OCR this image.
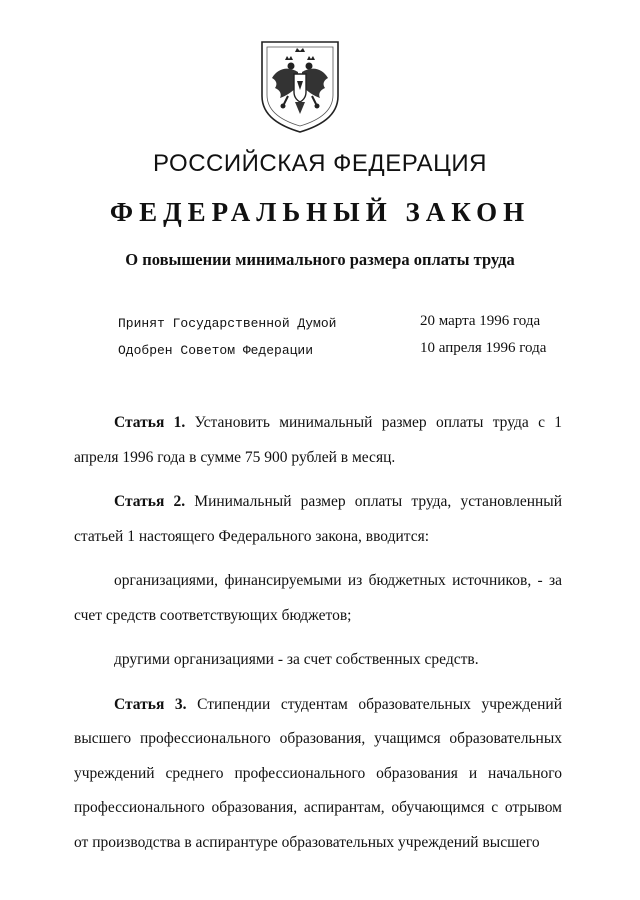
РОССИЙСКАЯ ФЕДЕРАЦИЯ
ФЕДЕРАЛЬНЫЙ ЗАКОН
О повышении минимального размера оплаты труда
Принят Государственной Думой	20 марта 1996 года
Одобрен Советом Федерации	10 апреля 1996 года

Статья 1. Установить минимальный размер оплаты труда с 1 апреля 1996 года в сумме 75 900 рублей в месяц.

Статья 2. Минимальный размер оплаты труда, установленный статьей 1 настоящего Федерального закона, вводится:

организациями, финансируемыми из бюджетных источников, - за счет средств соответствующих бюджетов;

другими организациями - за счет собственных средств.

Статья 3. Стипендии студентам образовательных учреждений высшего профессионального образования, учащимся образовательных учреждений среднего профессионального образования и начального профессионального образования, аспирантам, обучающимся с отрывом от производства в аспирантуре образовательных учреждений высшего
